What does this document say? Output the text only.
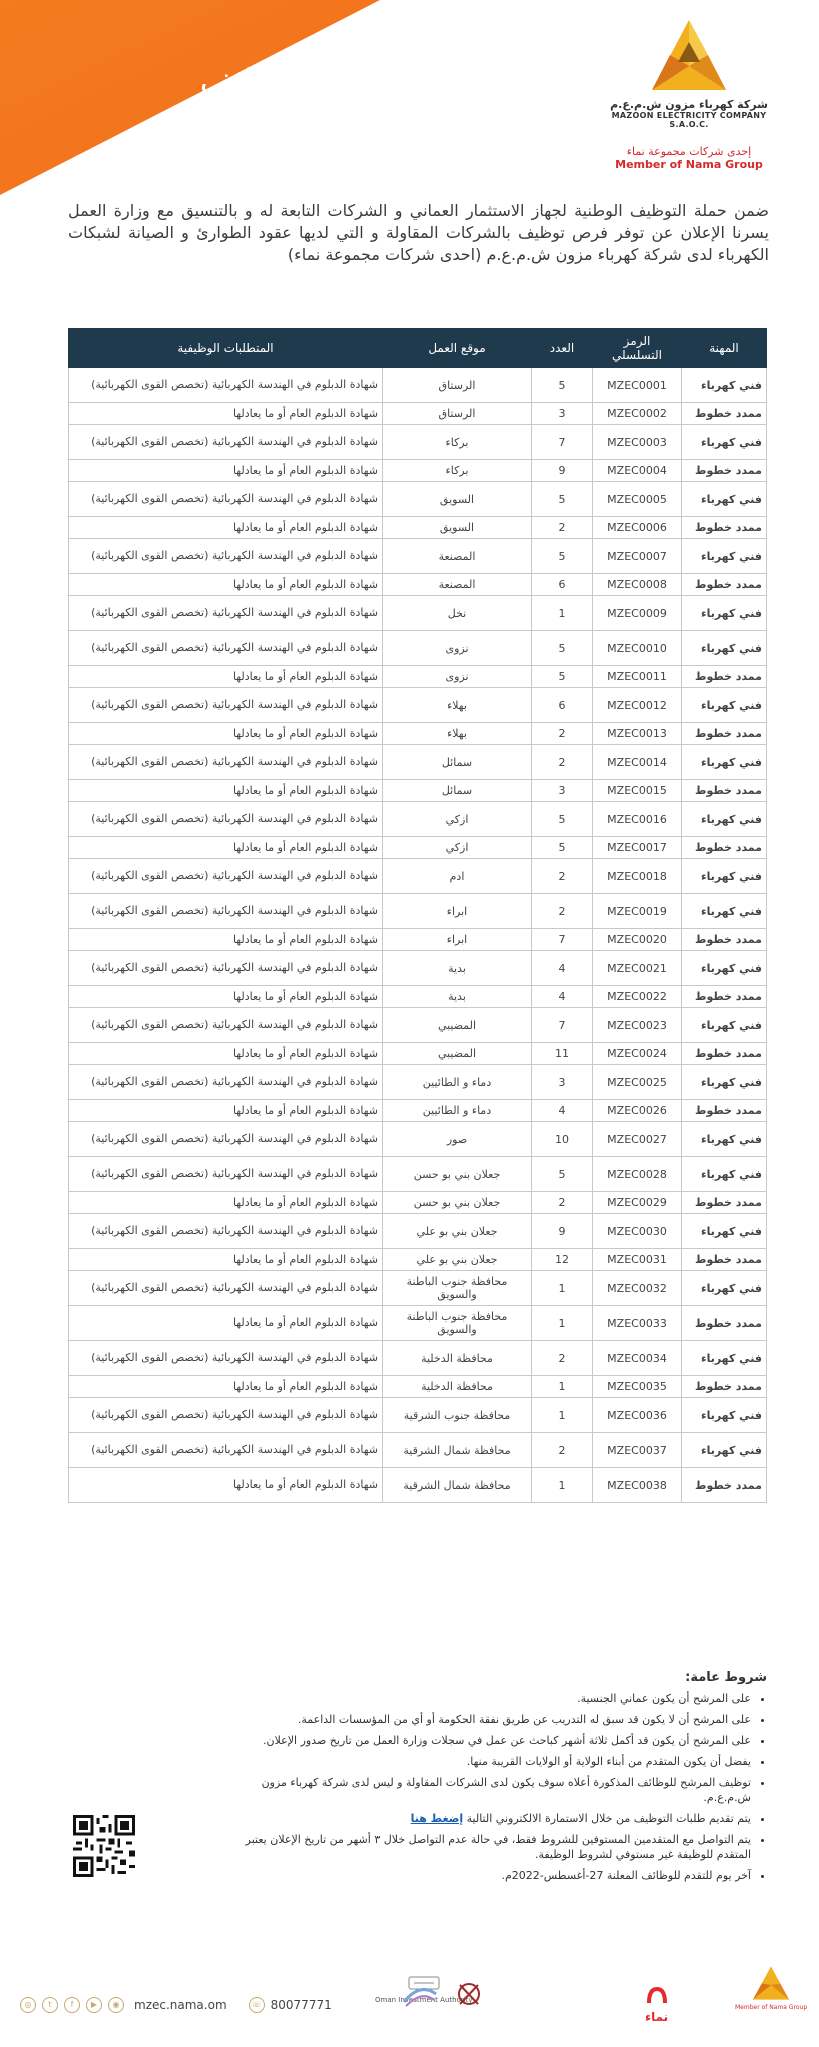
إعلان وظائف لــــــدى
شركات المقاوليــــن
شركة كهرباء مزون ش.م.ع.م
MAZOON ELECTRICITY COMPANY S.A.O.C.
إحدى شركات مجموعة نماء
Member of Nama Group
ضمن حملة التوظيف الوطنية لجهاز الاستثمار العماني و الشركات التابعة له و بالتنسيق مع وزارة العمل يسرنا الإعلان عن توفر فرص توظيف بالشركات المقاولة و التي لديها عقود الطوارئ و الصيانة لشبكات الكهرباء لدى شركة كهرباء مزون ش.م.ع.م (احدى شركات مجموعة نماء)
المهنة	الرمز التسلسلي	العدد	موقع العمل	المتطلبات الوظيفية
فني كهرباء	MZEC0001	5	الرستاق	شهادة الدبلوم في الهندسة الكهربائية (تخصص القوى الكهربائية)
ممدد خطوط	MZEC0002	3	الرستاق	شهادة الدبلوم العام أو ما يعادلها
فني كهرباء	MZEC0003	7	بركاء	شهادة الدبلوم في الهندسة الكهربائية (تخصص القوى الكهربائية)
ممدد خطوط	MZEC0004	9	بركاء	شهادة الدبلوم العام أو ما يعادلها
فني كهرباء	MZEC0005	5	السويق	شهادة الدبلوم في الهندسة الكهربائية (تخصص القوى الكهربائية)
ممدد خطوط	MZEC0006	2	السويق	شهادة الدبلوم العام أو ما يعادلها
فني كهرباء	MZEC0007	5	المصنعة	شهادة الدبلوم في الهندسة الكهربائية (تخصص القوى الكهربائية)
ممدد خطوط	MZEC0008	6	المصنعة	شهادة الدبلوم العام أو ما يعادلها
فني كهرباء	MZEC0009	1	نخل	شهادة الدبلوم في الهندسة الكهربائية (تخصص القوى الكهربائية)
فني كهرباء	MZEC0010	5	نزوى	شهادة الدبلوم في الهندسة الكهربائية (تخصص القوى الكهربائية)
ممدد خطوط	MZEC0011	5	نزوى	شهادة الدبلوم العام أو ما يعادلها
فني كهرباء	MZEC0012	6	بهلاء	شهادة الدبلوم في الهندسة الكهربائية (تخصص القوى الكهربائية)
ممدد خطوط	MZEC0013	2	بهلاء	شهادة الدبلوم العام أو ما يعادلها
فني كهرباء	MZEC0014	2	سمائل	شهادة الدبلوم في الهندسة الكهربائية (تخصص القوى الكهربائية)
ممدد خطوط	MZEC0015	3	سمائل	شهادة الدبلوم العام أو ما يعادلها
فني كهرباء	MZEC0016	5	ازكي	شهادة الدبلوم في الهندسة الكهربائية (تخصص القوى الكهربائية)
ممدد خطوط	MZEC0017	5	ازكي	شهادة الدبلوم العام أو ما يعادلها
فني كهرباء	MZEC0018	2	ادم	شهادة الدبلوم في الهندسة الكهربائية (تخصص القوى الكهربائية)
فني كهرباء	MZEC0019	2	ابراء	شهادة الدبلوم في الهندسة الكهربائية (تخصص القوى الكهربائية)
ممدد خطوط	MZEC0020	7	ابراء	شهادة الدبلوم العام أو ما يعادلها
فني كهرباء	MZEC0021	4	بدية	شهادة الدبلوم في الهندسة الكهربائية (تخصص القوى الكهربائية)
ممدد خطوط	MZEC0022	4	بدية	شهادة الدبلوم العام أو ما يعادلها
فني كهرباء	MZEC0023	7	المضيبي	شهادة الدبلوم في الهندسة الكهربائية (تخصص القوى الكهربائية)
ممدد خطوط	MZEC0024	11	المضيبي	شهادة الدبلوم العام أو ما يعادلها
فني كهرباء	MZEC0025	3	دماء و الطائيين	شهادة الدبلوم في الهندسة الكهربائية (تخصص القوى الكهربائية)
ممدد خطوط	MZEC0026	4	دماء و الطائيين	شهادة الدبلوم العام أو ما يعادلها
فني كهرباء	MZEC0027	10	صور	شهادة الدبلوم في الهندسة الكهربائية (تخصص القوى الكهربائية)
فني كهرباء	MZEC0028	5	جعلان بني بو حسن	شهادة الدبلوم في الهندسة الكهربائية (تخصص القوى الكهربائية)
ممدد خطوط	MZEC0029	2	جعلان بني بو حسن	شهادة الدبلوم العام أو ما يعادلها
فني كهرباء	MZEC0030	9	جعلان بني بو علي	شهادة الدبلوم في الهندسة الكهربائية (تخصص القوى الكهربائية)
ممدد خطوط	MZEC0031	12	جعلان بني بو علي	شهادة الدبلوم العام أو ما يعادلها
فني كهرباء	MZEC0032	1	محافظة جنوب الباطنة والسويق	شهادة الدبلوم في الهندسة الكهربائية (تخصص القوى الكهربائية)
ممدد خطوط	MZEC0033	1	محافظة جنوب الباطنة والسويق	شهادة الدبلوم العام أو ما يعادلها
فني كهرباء	MZEC0034	2	محافظة الدخلية	شهادة الدبلوم في الهندسة الكهربائية (تخصص القوى الكهربائية)
ممدد خطوط	MZEC0035	1	محافظة الدخلية	شهادة الدبلوم العام أو ما يعادلها
فني كهرباء	MZEC0036	1	محافظة جنوب الشرقية	شهادة الدبلوم في الهندسة الكهربائية (تخصص القوى الكهربائية)
فني كهرباء	MZEC0037	2	محافظة شمال الشرقية	شهادة الدبلوم في الهندسة الكهربائية (تخصص القوى الكهربائية)
ممدد خطوط	MZEC0038	1	محافظة شمال الشرقية	شهادة الدبلوم العام أو ما يعادلها
شروط عامة:
• على المرشح أن يكون عماني الجنسية.
• على المرشح أن لا يكون قد سبق له التدريب عن طريق نفقة الحكومة أو أي من المؤسسات الداعمة.
• على المرشح أن يكون قد أكمل ثلاثة أشهر كباحث عن عمل في سجلات وزارة العمل من تاريخ صدور الإعلان.
• يفضل أن يكون المتقدم من أبناء الولاية أو الولايات القريبة منها.
• توظيف المرشح للوظائف المذكورة أعلاه سوف يكون لدى الشركات المقاولة و ليس لدى شركة كهرباء مزون ش.م.ع.م.
• يتم تقديم طلبات التوظيف من خلال الاستمارة الالكتروني التالية إضغط هنا
• يتم التواصل مع المتقدمين المستوفين للشروط فقط، في حالة عدم التواصل خلال ٣ أشهر من تاريخ الإعلان يعتبر المتقدم للوظيفة غير مستوفي لشروط الوظيفة.
• آخر يوم للتقدم للوظائف المعلنة 27-أغسطس-2022م.
◎	t	f	▶	◉	mzec.nama.om	☏ 80077771	Oman Investment Authority
نماء
Member of Nama Group
